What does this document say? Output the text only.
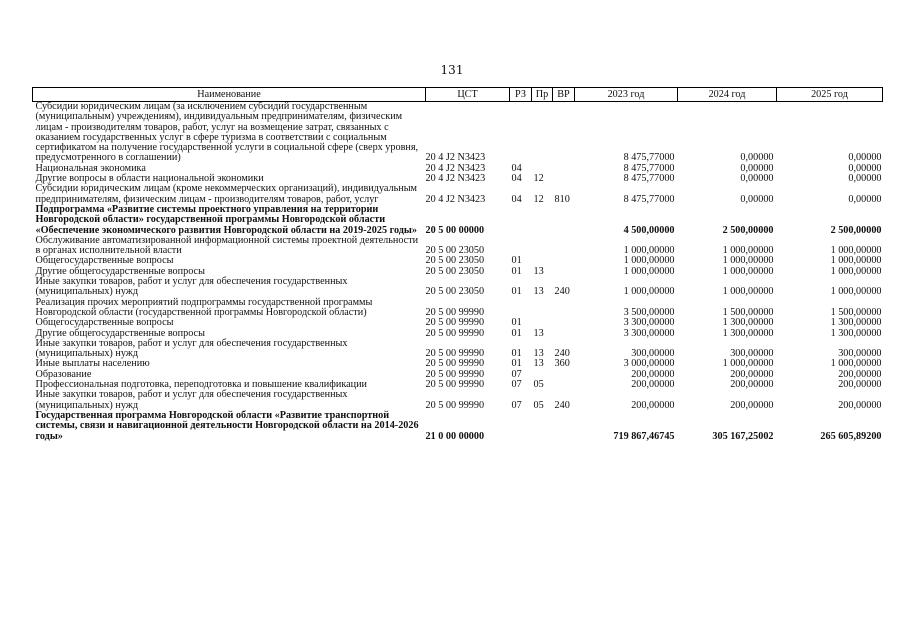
131
Наименование	ЦСТ	РЗ	Пр	ВР	2023 год	2024 год	2025 год
Субсидии юридическим лицам (за исключением субсидий государственным (муниципальным) учреждениям), индивидуальным предпринимателям, физическим лицам - производителям товаров, работ, услуг на возмещение затрат, связанных с оказанием государственных услуг в сфере туризма в соответствии с социальным сертификатом на получение государственной услуги в социальной сфере (сверх уровня, предусмотренного в соглашении)	20 4 J2 N3423				8 475,77000	0,00000	0,00000
Национальная экономика	20 4 J2 N3423	04			8 475,77000	0,00000	0,00000
Другие вопросы в области национальной экономики	20 4 J2 N3423	04	12		8 475,77000	0,00000	0,00000
Субсидии юридическим лицам (кроме некоммерческих организаций), индивидуальным предпринимателям, физическим лицам - производителям товаров, работ, услуг	20 4 J2 N3423	04	12	810	8 475,77000	0,00000	0,00000
Подпрограмма «Развитие системы проектного управления на территории Новгородской области» государственной программы Новгородской области «Обеспечение экономического развития Новгородской области на 2019-2025 годы»	20 5 00 00000				4 500,00000	2 500,00000	2 500,00000
Обслуживание автоматизированной информационной системы проектной деятельности в органах исполнительной власти	20 5 00 23050				1 000,00000	1 000,00000	1 000,00000
Общегосударственные вопросы	20 5 00 23050	01			1 000,00000	1 000,00000	1 000,00000
Другие общегосударственные вопросы	20 5 00 23050	01	13		1 000,00000	1 000,00000	1 000,00000
Иные закупки товаров, работ и услуг для обеспечения государственных (муниципальных) нужд	20 5 00 23050	01	13	240	1 000,00000	1 000,00000	1 000,00000
Реализация прочих мероприятий подпрограммы государственной программы Новгородской области (государственной программы Новгородской области)	20 5 00 99990				3 500,00000	1 500,00000	1 500,00000
Общегосударственные вопросы	20 5 00 99990	01			3 300,00000	1 300,00000	1 300,00000
Другие общегосударственные вопросы	20 5 00 99990	01	13		3 300,00000	1 300,00000	1 300,00000
Иные закупки товаров, работ и услуг для обеспечения государственных (муниципальных) нужд	20 5 00 99990	01	13	240	300,00000	300,00000	300,00000
Иные выплаты населению	20 5 00 99990	01	13	360	3 000,00000	1 000,00000	1 000,00000
Образование	20 5 00 99990	07			200,00000	200,00000	200,00000
Профессиональная подготовка, переподготовка и повышение квалификации	20 5 00 99990	07	05		200,00000	200,00000	200,00000
Иные закупки товаров, работ и услуг для обеспечения государственных (муниципальных) нужд	20 5 00 99990	07	05	240	200,00000	200,00000	200,00000
Государственная программа Новгородской области «Развитие транспортной системы, связи и навигационной деятельности Новгородской области на 2014-2026 годы»	21 0 00 00000				719 867,46745	305 167,25002	265 605,89200
